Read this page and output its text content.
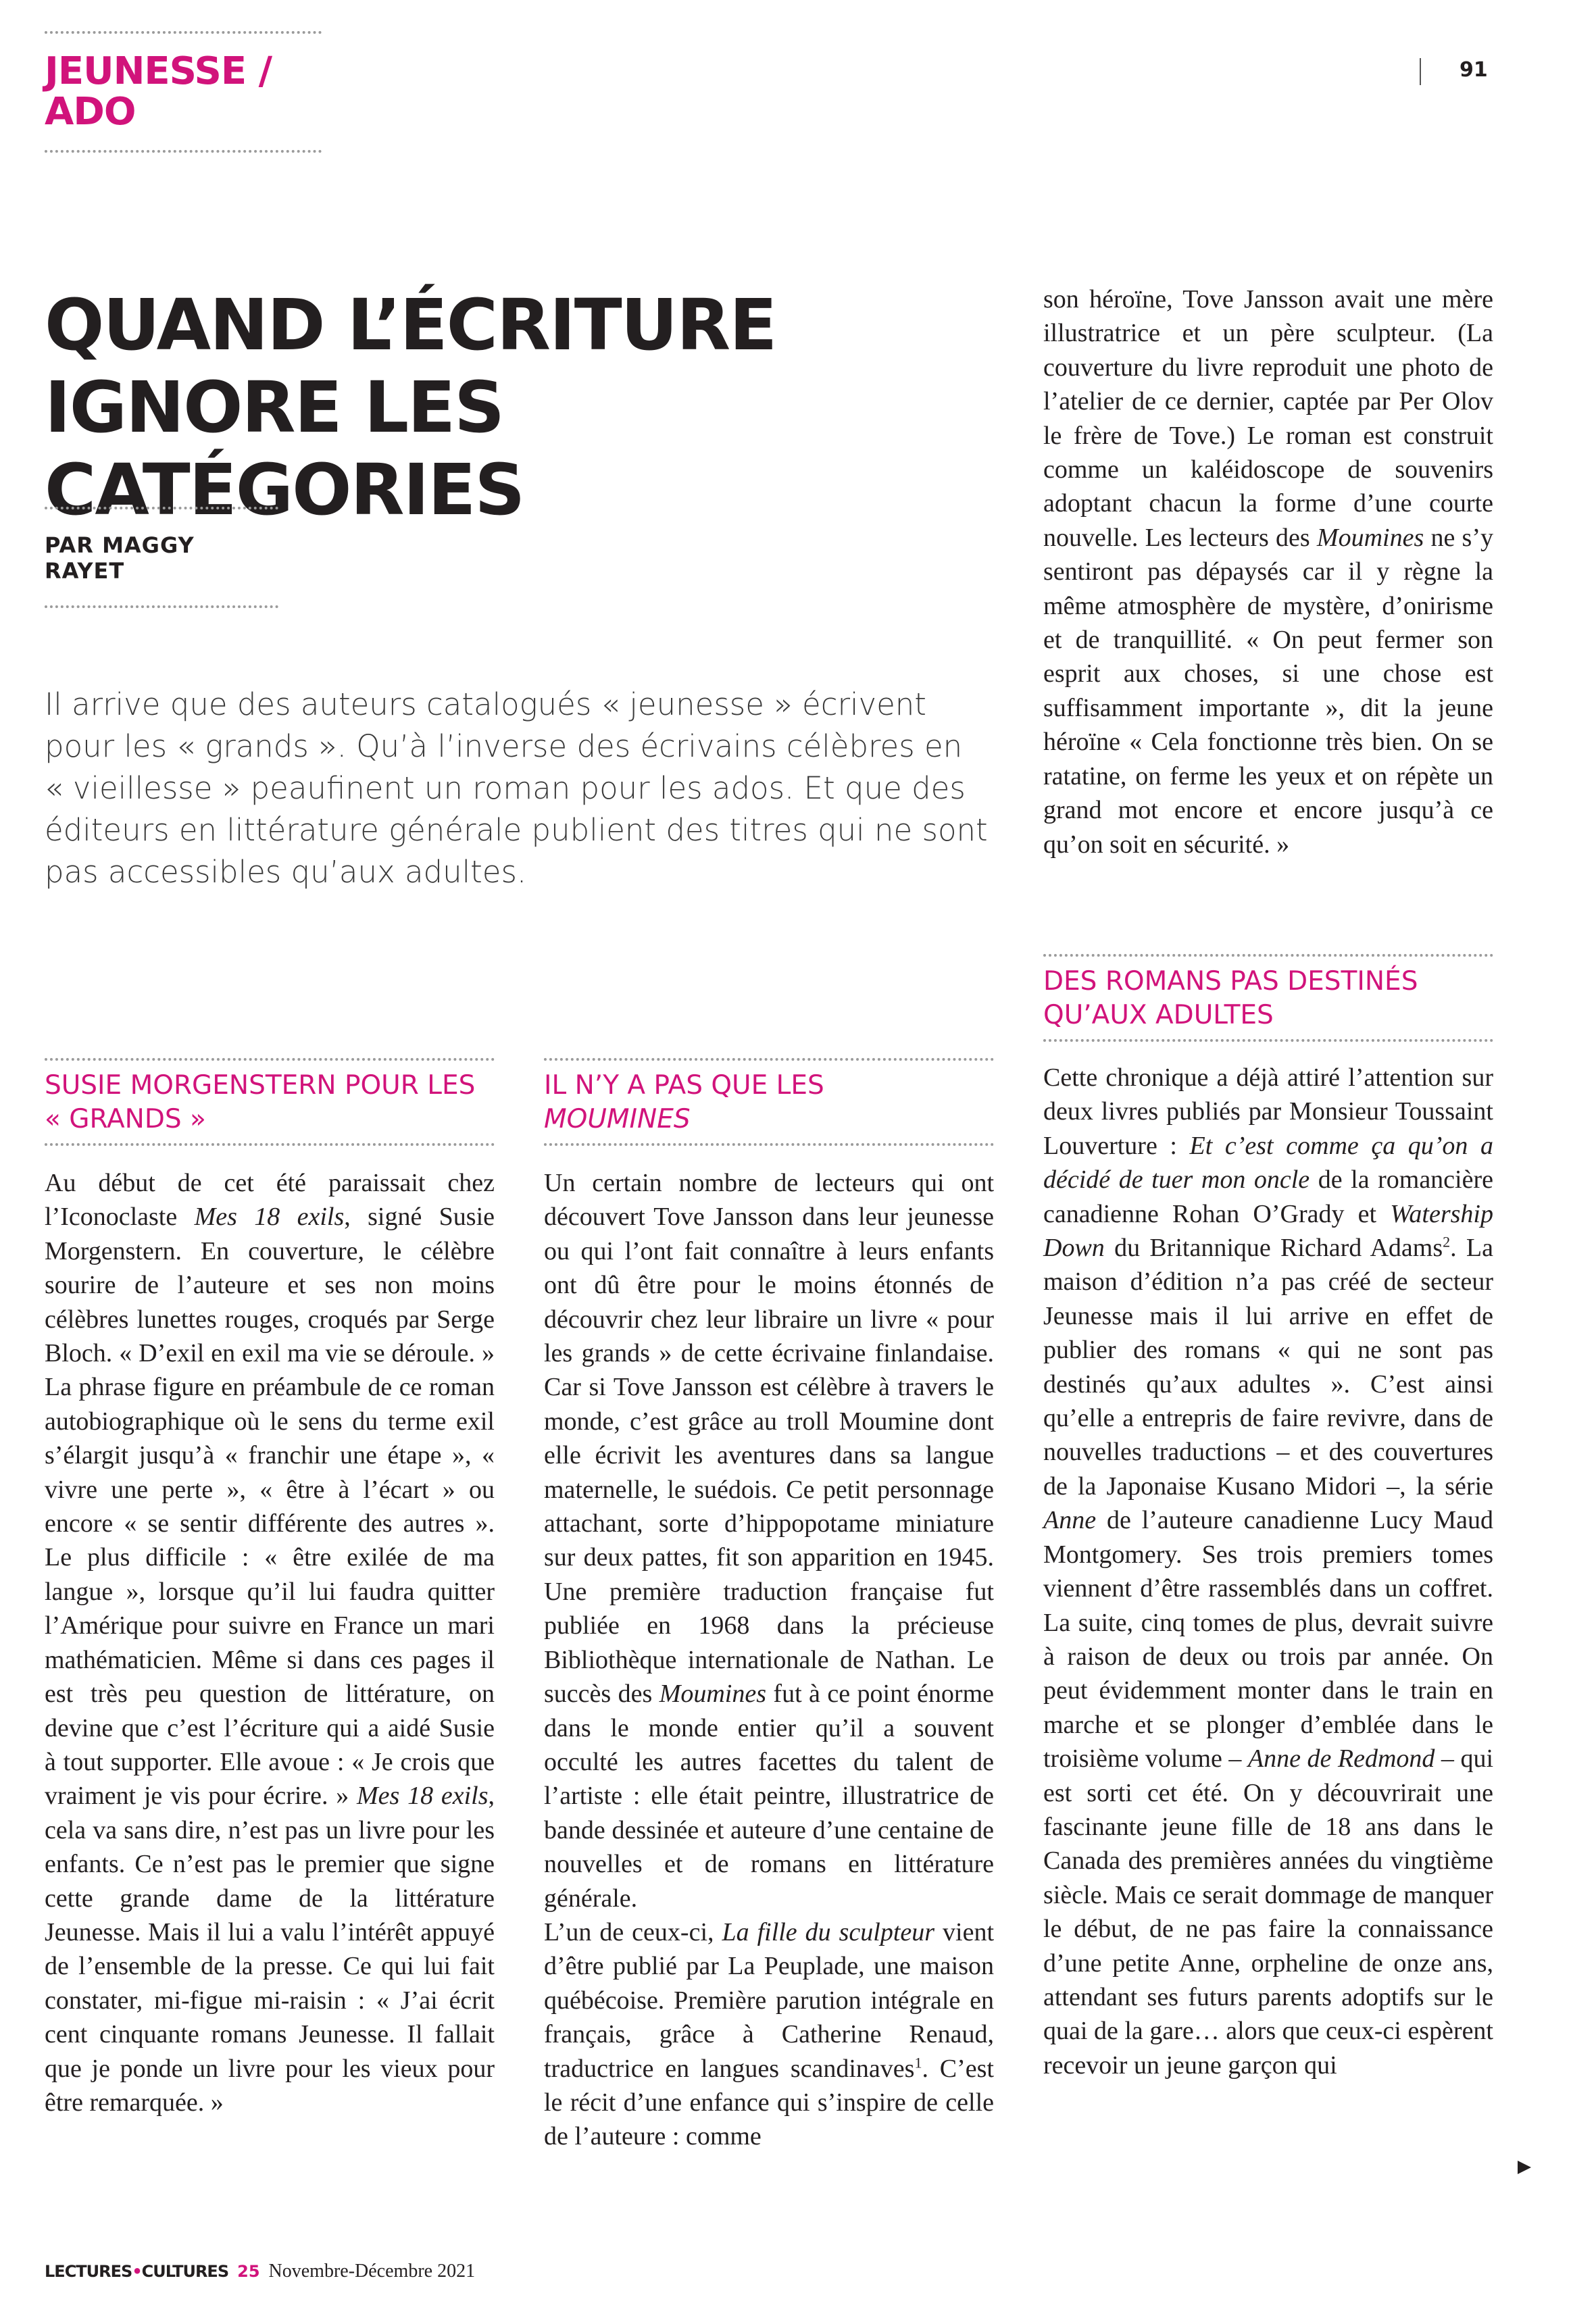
JEUNESSE / ADO
91
QUAND L’ÉCRITURE
IGNORE LES CATÉGORIES
PAR MAGGY RAYET

Il arrive que des auteurs catalogués « jeunesse » écrivent pour les « grands ». Qu’à l’inverse des écrivains célèbres en « vieillesse » peaufinent un roman pour les ados. Et que des éditeurs en littérature générale publient des titres qui ne sont pas accessibles qu’aux adultes.

SUSIE MORGENSTERN POUR LES « GRANDS »

Au début de cet été paraissait chez l’Iconoclaste Mes 18 exils, signé Susie Morgenstern. En couverture, le célèbre sourire de l’auteure et ses non moins célèbres lunettes rouges, croqués par Serge Bloch. « D’exil en exil ma vie se déroule. » La phrase figure en préambule de ce roman autobiographique où le sens du terme exil s’élargit jusqu’à « franchir une étape », « vivre une perte », « être à l’écart » ou encore « se sentir différente des autres ». Le plus difficile : « être exilée de ma langue », lorsque qu’il lui faudra quitter l’Amérique pour suivre en France un mari mathématicien. Même si dans ces pages il est très peu question de littérature, on devine que c’est l’écriture qui a aidé Susie à tout supporter. Elle avoue : « Je crois que vraiment je vis pour écrire. » Mes 18 exils, cela va sans dire, n’est pas un livre pour les enfants. Ce n’est pas le premier que signe cette grande dame de la littérature Jeunesse. Mais il lui a valu l’intérêt appuyé de l’ensemble de la presse. Ce qui lui fait constater, mi-figue mi-raisin : « J’ai écrit cent cinquante romans Jeunesse. Il fallait que je ponde un livre pour les vieux pour être remarquée. »

IL N’Y A PAS QUE LES
MOUMINES

Un certain nombre de lecteurs qui ont découvert Tove Jansson dans leur jeunesse ou qui l’ont fait connaître à leurs enfants ont dû être pour le moins étonnés de découvrir chez leur libraire un livre « pour les grands » de cette écrivaine finlandaise. Car si Tove Jansson est célèbre à travers le monde, c’est grâce au troll Moumine dont elle écrivit les aventures dans sa langue maternelle, le suédois. Ce petit personnage attachant, sorte d’hippopotame miniature sur deux pattes, fit son apparition en 1945. Une première traduction française fut publiée en 1968 dans la précieuse Bibliothèque internationale de Nathan. Le succès des Moumines fut à ce point énorme dans le monde entier qu’il a souvent occulté les autres facettes du talent de l’artiste : elle était peintre, illustratrice de bande dessinée et auteure d’une centaine de nouvelles et de romans en littérature générale.

L’un de ceux-ci, La fille du sculpteur vient d’être publié par La Peuplade, une maison québécoise. Première parution intégrale en français, grâce à Catherine Renaud, traductrice en langues scandinaves$^1$. C’est le récit d’une enfance qui s’inspire de celle de l’auteure : comme

son héroïne, Tove Jansson avait une mère illustratrice et un père sculpteur. (La couverture du livre reproduit une photo de l’atelier de ce dernier, captée par Per Olov le frère de Tove.) Le roman est construit comme un kaléidoscope de souvenirs adoptant chacun la forme d’une courte nouvelle. Les lecteurs des Moumines ne s’y sentiront pas dépaysés car il y règne la même atmosphère de mystère, d’onirisme et de tranquillité. « On peut fermer son esprit aux choses, si une chose est suffisamment importante », dit la jeune héroïne « Cela fonctionne très bien. On se ratatine, on ferme les yeux et on répète un grand mot encore et encore jusqu’à ce qu’on soit en sécurité. »

DES ROMANS PAS DESTINÉS QU’AUX ADULTES

Cette chronique a déjà attiré l’attention sur deux livres publiés par Monsieur Toussaint Louverture : Et c’est comme ça qu’on a décidé de tuer mon oncle de la romancière canadienne Rohan O’Grady et Watership Down du Britannique Richard Adams$^2$. La maison d’édition n’a pas créé de secteur Jeunesse mais il lui arrive en effet de publier des romans « qui ne sont pas destinés qu’aux adultes ». C’est ainsi qu’elle a entrepris de faire revivre, dans de nouvelles traductions – et des couvertures de la Japonaise Kusano Midori –, la série Anne de l’auteure canadienne Lucy Maud Montgomery. Ses trois premiers tomes viennent d’être rassemblés dans un coffret. La suite, cinq tomes de plus, devrait suivre à raison de deux ou trois par année. On peut évidemment monter dans le train en marche et se plonger d’emblée dans le troisième volume – Anne de Redmond – qui est sorti cet été. On y découvrirait une fascinante jeune fille de 18 ans dans le Canada des premières années du vingtième siècle. Mais ce serait dommage de manquer le début, de ne pas faire la connaissance d’une petite Anne, orpheline de onze ans, attendant ses futurs parents adoptifs sur le quai de la gare… alors que ceux-ci espèrent recevoir un jeune garçon qui

LECTURES•CULTURES 25 Novembre-Décembre 2021
